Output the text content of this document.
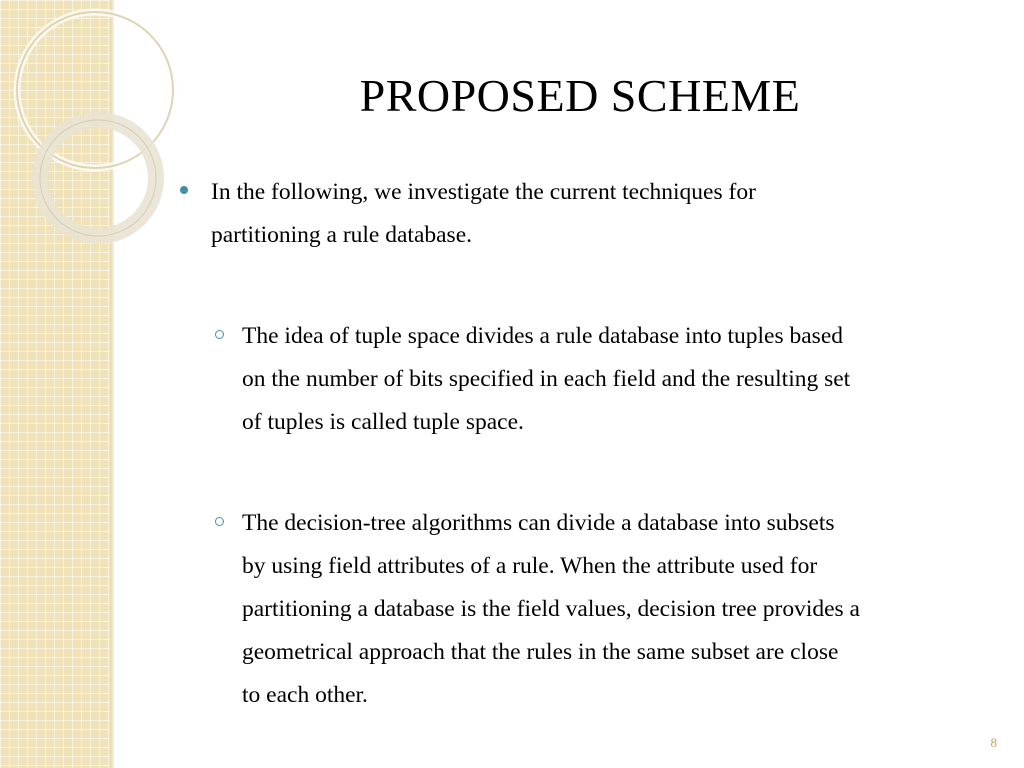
PROPOSED SCHEME
In the following, we investigate the current techniques for
partitioning a rule database.
The idea of tuple space divides a rule database into tuples based
on the number of bits specified in each field and the resulting set
of tuples is called tuple space.
The decision-tree algorithms can divide a database into subsets
by using field attributes of a rule. When the attribute used for
partitioning a database is the field values, decision tree provides a
geometrical approach that the rules in the same subset are close
to each other.
8
